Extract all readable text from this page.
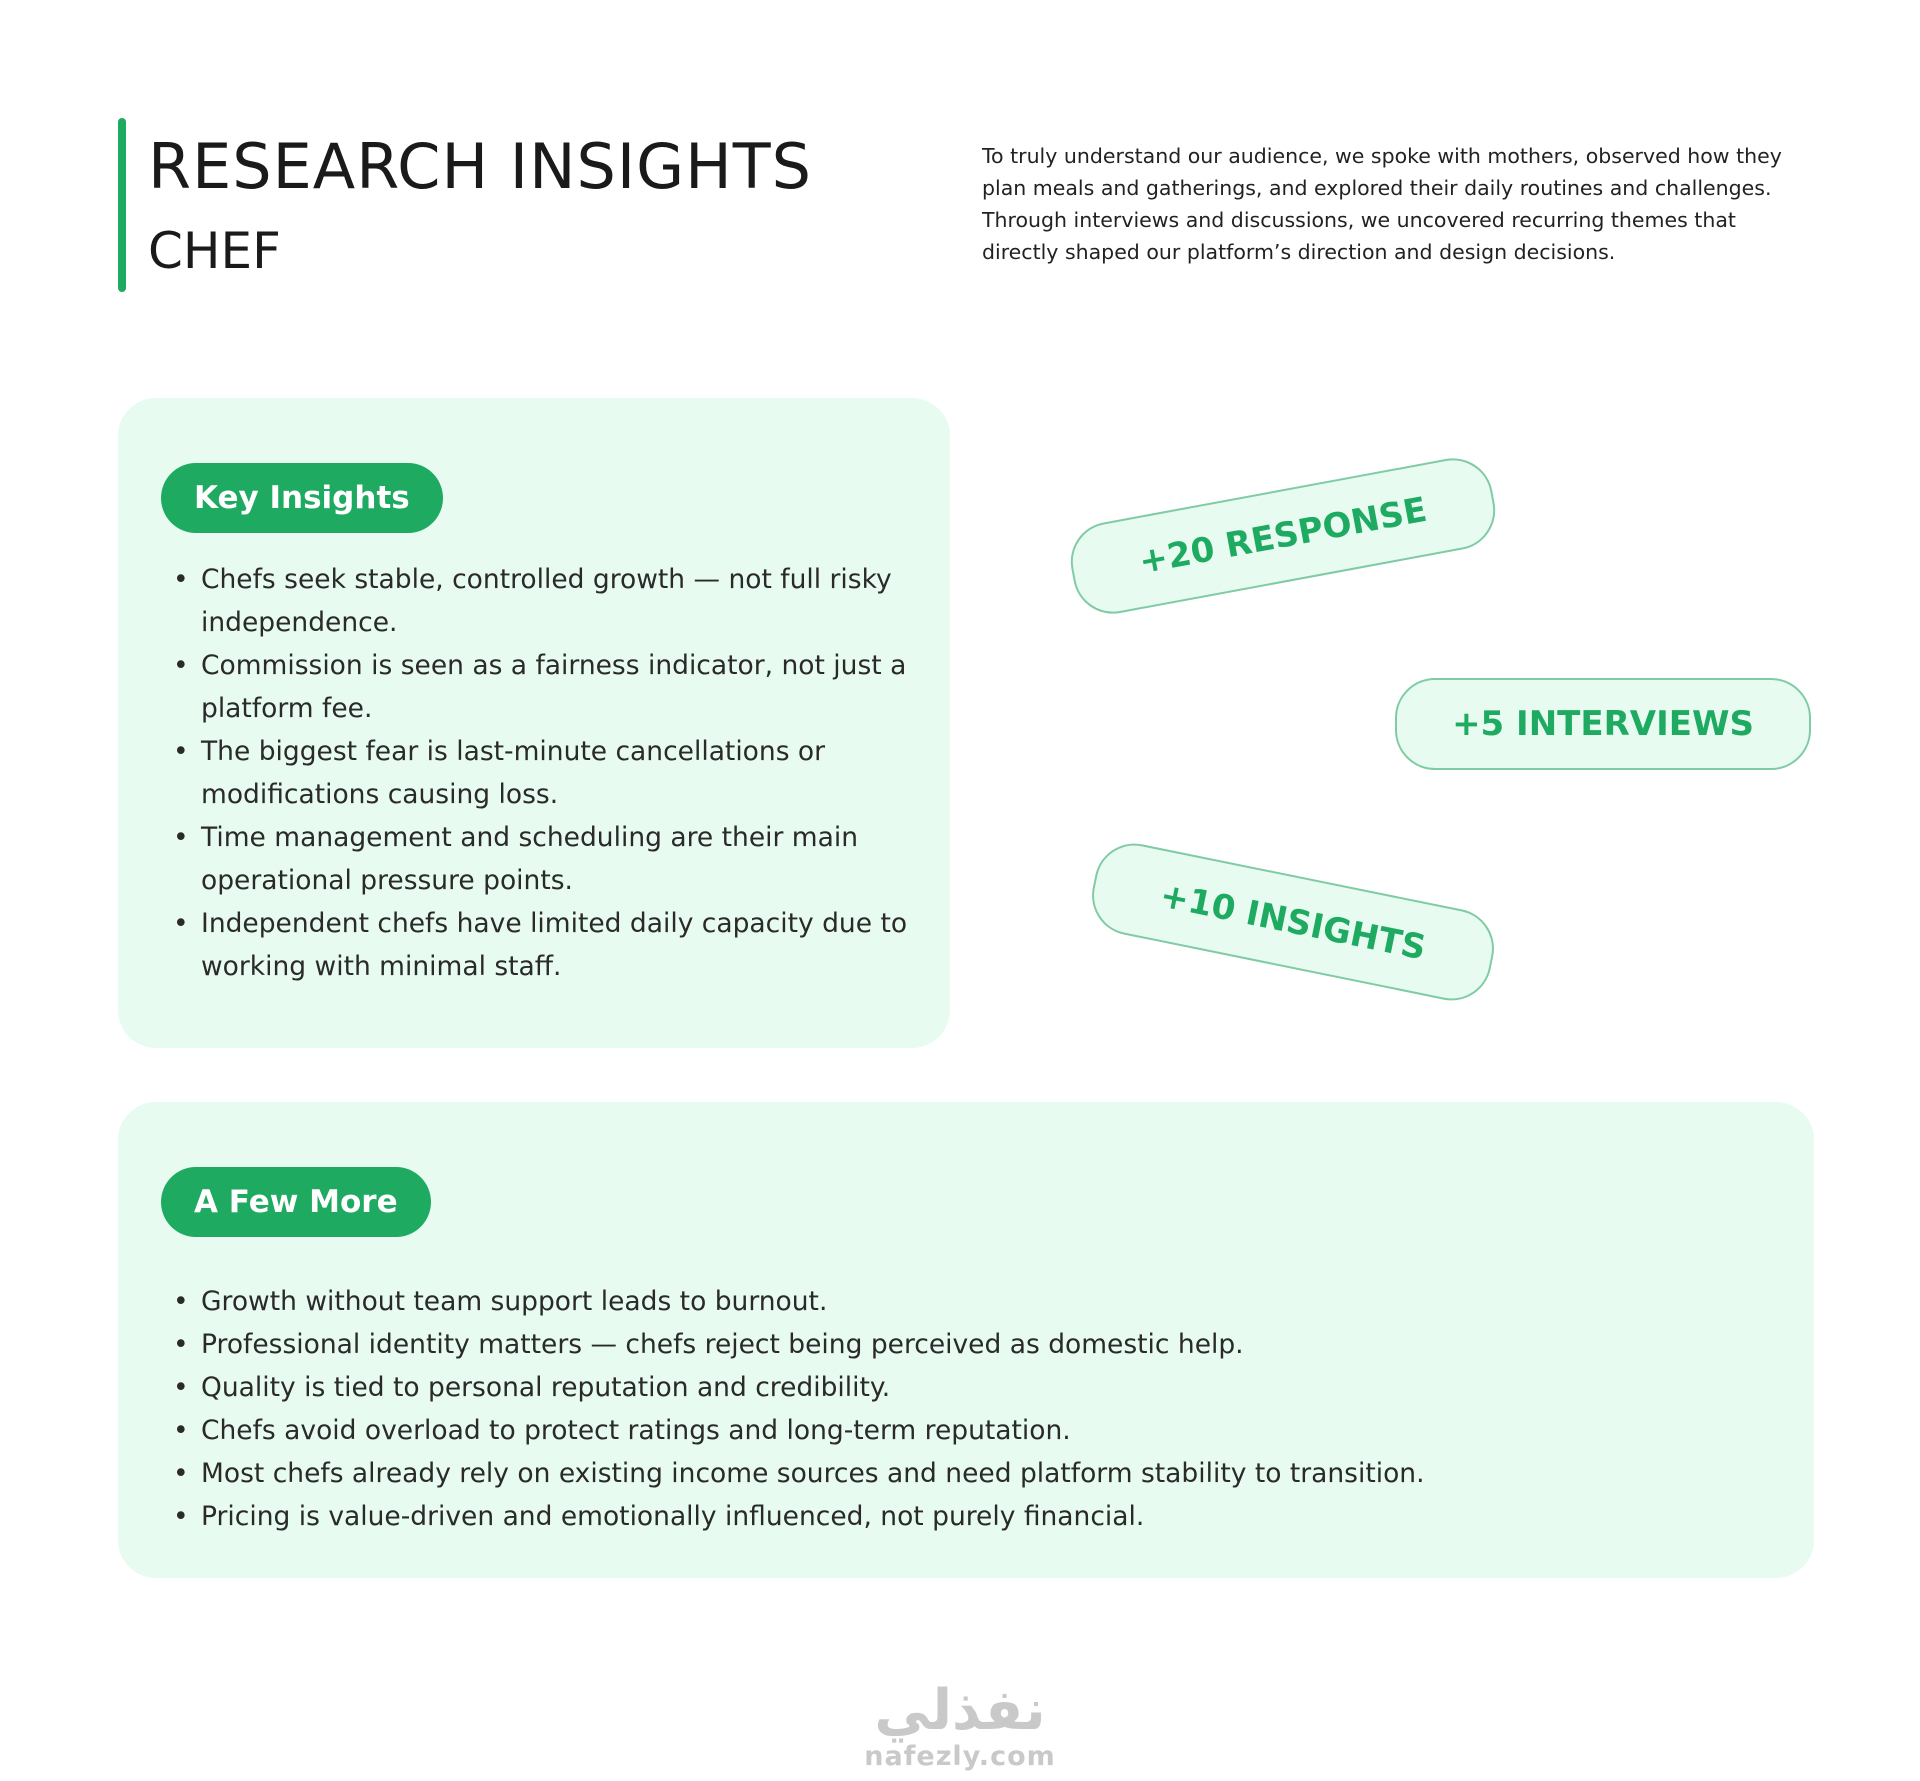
RESEARCH INSIGHTS
CHEF

To truly understand our audience, we spoke with mothers, observed how they plan meals and gatherings, and explored their daily routines and challenges. Through interviews and discussions, we uncovered recurring themes that directly shaped our platform’s direction and design decisions.

Key Insights
• Chefs seek stable, controlled growth — not full risky independence.
• Commission is seen as a fairness indicator, not just a platform fee.
• The biggest fear is last-minute cancellations or modifications causing loss.
• Time management and scheduling are their main operational pressure points.
• Independent chefs have limited daily capacity due to working with minimal staff.
+20 RESPONSE
+5 INTERVIEWS
+10 INSIGHTS
A Few More
• Growth without team support leads to burnout.
• Professional identity matters — chefs reject being perceived as domestic help.
• Quality is tied to personal reputation and credibility.
• Chefs avoid overload to protect ratings and long-term reputation.
• Most chefs already rely on existing income sources and need platform stability to transition.
• Pricing is value-driven and emotionally influenced, not purely financial.
نفذلي
nafezly.com
